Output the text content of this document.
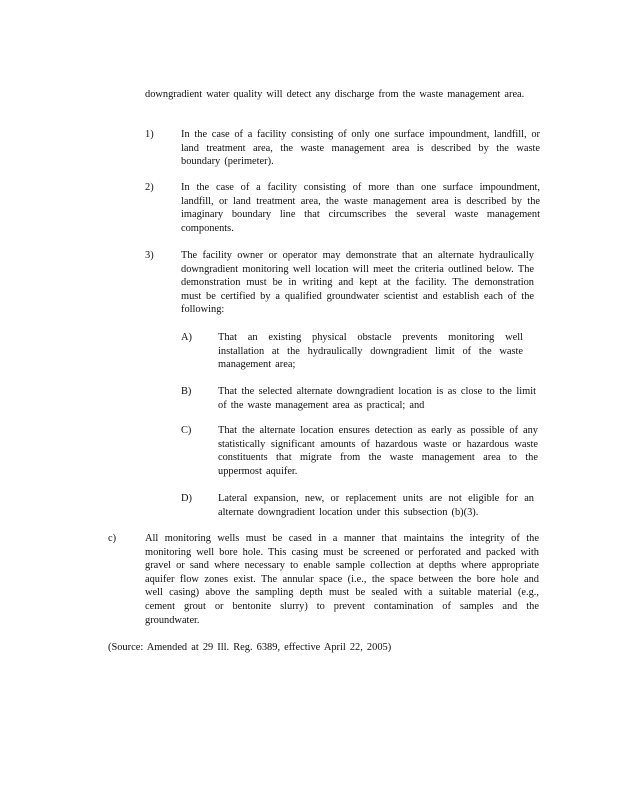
downgradient water quality will detect any discharge from the waste management area.
1)	In the case of a facility consisting of only one surface impoundment, landfill, or land treatment area, the waste management area is described by the waste boundary (perimeter).
2)	In the case of a facility consisting of more than one surface impoundment, landfill, or land treatment area, the waste management area is described by the imaginary boundary line that circumscribes the several waste management components.
3)	The facility owner or operator may demonstrate that an alternate hydraulically downgradient monitoring well location will meet the criteria outlined below. The demonstration must be in writing and kept at the facility. The demonstration must be certified by a qualified groundwater scientist and establish each of the following:
A)	That an existing physical obstacle prevents monitoring well installation at the hydraulically downgradient limit of the waste management area;
B)	That the selected alternate downgradient location is as close to the limit of the waste management area as practical; and
C)	That the alternate location ensures detection as early as possible of any statistically significant amounts of hazardous waste or hazardous waste constituents that migrate from the waste management area to the uppermost aquifer.
D)	Lateral expansion, new, or replacement units are not eligible for an alternate downgradient location under this subsection (b)(3).
c)	All monitoring wells must be cased in a manner that maintains the integrity of the monitoring well bore hole. This casing must be screened or perforated and packed with gravel or sand where necessary to enable sample collection at depths where appropriate aquifer flow zones exist. The annular space (i.e., the space between the bore hole and well casing) above the sampling depth must be sealed with a suitable material (e.g., cement grout or bentonite slurry) to prevent contamination of samples and the groundwater.
(Source: Amended at 29 Ill. Reg. 6389, effective April 22, 2005)
